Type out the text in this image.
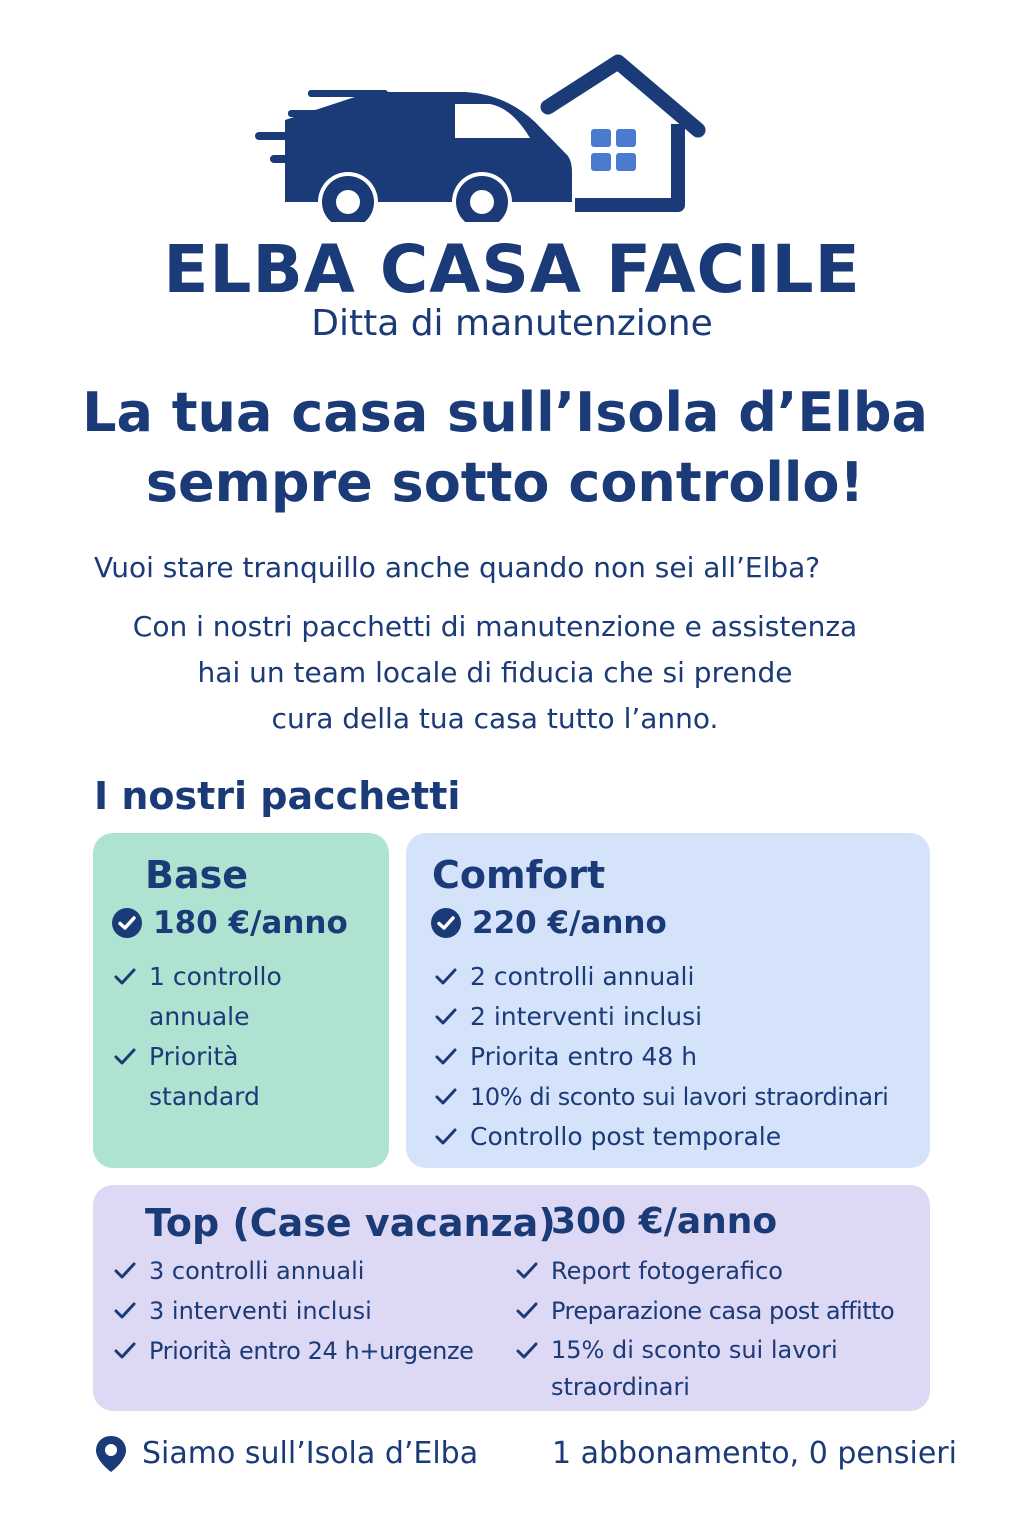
ELBA CASA FACILE
Ditta di manutenzione
La tua casa sull’Isola d’Elba
sempre sotto controllo!
Vuoi stare tranquillo anche quando non sei all’Elba?
Con i nostri pacchetti di manutenzione e assistenza
hai un team locale di fiducia che si prende
cura della tua casa tutto l’anno.
I nostri pacchetti
Base
180 €/anno
1 controllo
annuale
Priorità
standard
Comfort
220 €/anno
2 controlli annuali
2 interventi inclusi
Priorita entro 48 h
10% di sconto sui lavori straordinari
Controllo post temporale
Top (Case vacanza)
300 €/anno
3 controlli annuali
3 interventi inclusi
Priorità entro 24 h+urgenze
Report fotogerafico
Preparazione casa post affitto
15% di sconto sui lavori
straordinari
Siamo sull’Isola d’Elba 1 abbonamento, 0 pensieri
